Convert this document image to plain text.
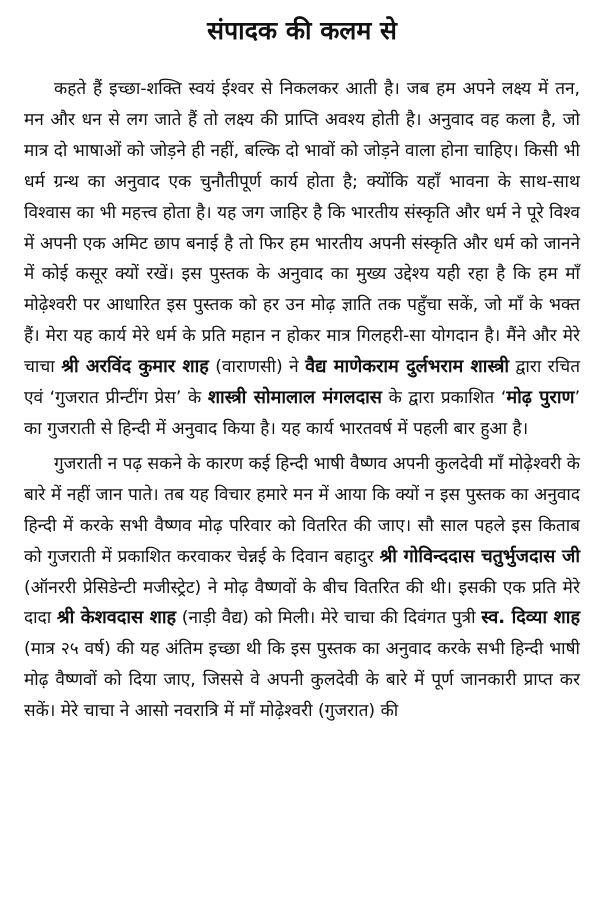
संपादक की कलम से

कहते हैं इच्छा-शक्ति स्वयं ईश्वर से निकलकर आती है। जब हम अपने लक्ष्य में तन, मन और धन से लग जाते हैं तो लक्ष्य की प्राप्ति अवश्य होती है। अनुवाद वह कला है, जो मात्र दो भाषाओं को जोड़ने ही नहीं, बल्कि दो भावों को जोड़ने वाला होना चाहिए। किसी भी धर्म ग्रन्थ का अनुवाद एक चुनौतीपूर्ण कार्य होता है; क्योंकि यहाँ भावना के साथ-साथ विश्वास का भी महत्त्व होता है। यह जग जाहिर है कि भारतीय संस्कृति और धर्म ने पूरे विश्व में अपनी एक अमिट छाप बनाई है तो फिर हम भारतीय अपनी संस्कृति और धर्म को जानने में कोई कसूर क्यों रखें। इस पुस्तक के अनुवाद का मुख्य उद्देश्य यही रहा है कि हम माँ मोढ़ेश्वरी पर आधारित इस पुस्तक को हर उन मोढ़ ज्ञाति तक पहुँचा सकें, जो माँ के भक्त हैं। मेरा यह कार्य मेरे धर्म के प्रति महान न होकर मात्र गिलहरी-सा योगदान है। मैंने और मेरे चाचा श्री अरविंद कुमार शाह (वाराणसी) ने वैद्य माणेकराम दुर्लभराम शास्त्री द्वारा रचित एवं ‘गुजरात प्रीन्टींग प्रेस’ के शास्त्री सोमालाल मंगलदास के द्वारा प्रकाशित ‘मोढ़ पुराण’ का गुजराती से हिन्दी में अनुवाद किया है। यह कार्य भारतवर्ष में पहली बार हुआ है।

गुजराती न पढ़ सकने के कारण कई हिन्दी भाषी वैष्णव अपनी कुलदेवी माँ मोढ़ेश्वरी के बारे में नहीं जान पाते। तब यह विचार हमारे मन में आया कि क्यों न इस पुस्तक का अनुवाद हिन्दी में करके सभी वैष्णव मोढ़ परिवार को वितरित की जाए। सौ साल पहले इस किताब को गुजराती में प्रकाशित करवाकर चेन्नई के दिवान बहादुर श्री गोविन्ददास चतुर्भुजदास जी (ऑनररी प्रेसिडेन्टी मजीस्ट्रेट) ने मोढ़ वैष्णवों के बीच वितरित की थी। इसकी एक प्रति मेरे दादा श्री केशवदास शाह (नाड़ी वैद्य) को मिली। मेरे चाचा की दिवंगत पुत्री स्व. दिव्या शाह (मात्र २५ वर्ष) की यह अंतिम इच्छा थी कि इस पुस्तक का अनुवाद करके सभी हिन्दी भाषी मोढ़ वैष्णवों को दिया जाए, जिससे वे अपनी कुलदेवी के बारे में पूर्ण जानकारी प्राप्त कर सकें। मेरे चाचा ने आसो नवरात्रि में माँ मोढ़ेश्वरी (गुजरात) की
